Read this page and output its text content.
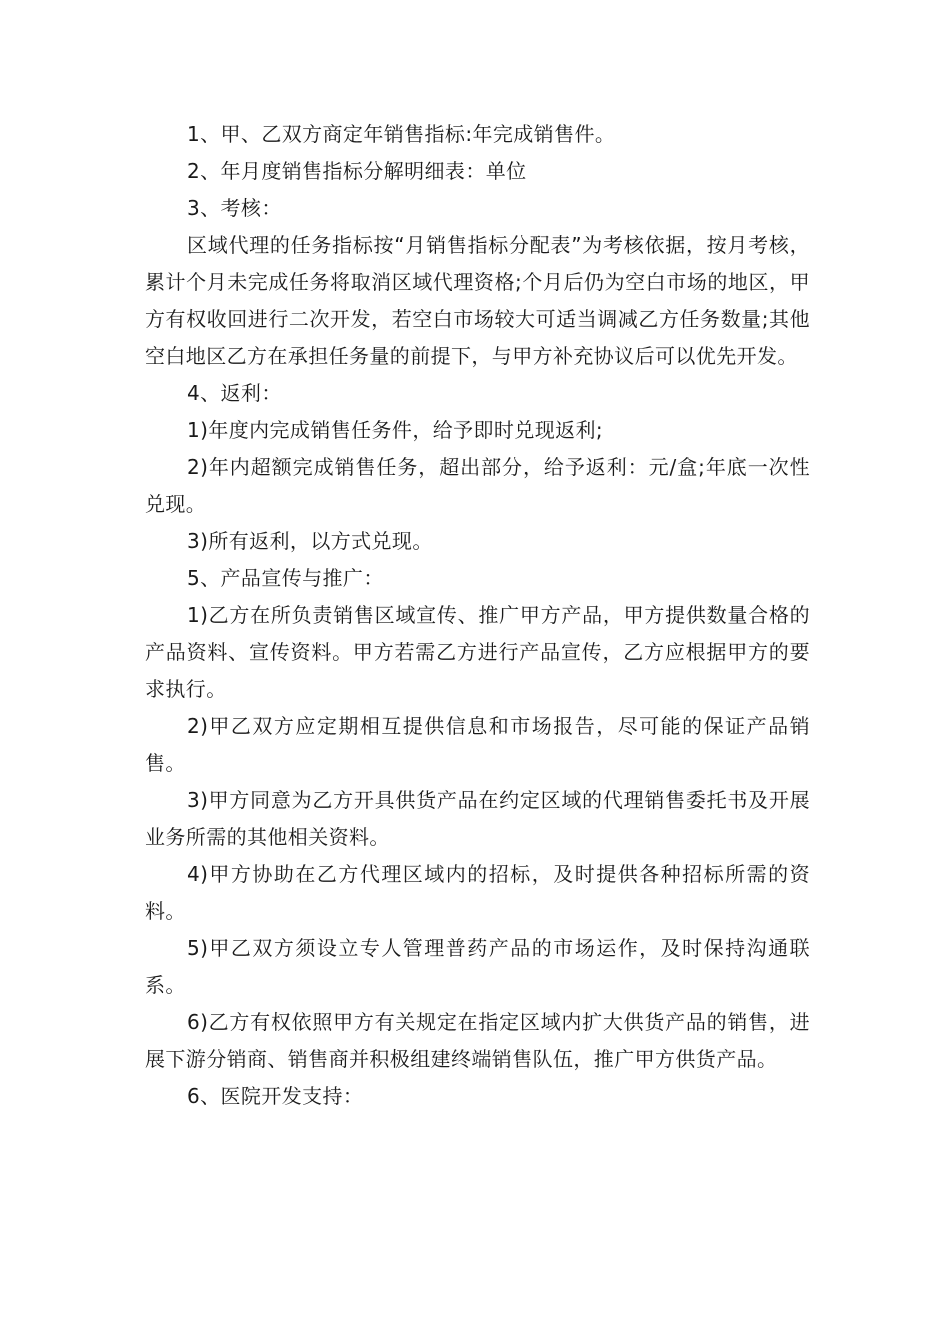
1、甲、乙双方商定年销售指标:年完成销售件。

2、年月度销售指标分解明细表：单位

3、考核：

区域代理的任务指标按“月销售指标分配表”为考核依据，按月考核，累计个月未完成任务将取消区域代理资格;个月后仍为空白市场的地区，甲方有权收回进行二次开发，若空白市场较大可适当调减乙方任务数量;其他空白地区乙方在承担任务量的前提下，与甲方补充协议后可以优先开发。

4、返利：

1)年度内完成销售任务件，给予即时兑现返利;

2)年内超额完成销售任务，超出部分，给予返利：元/盒;年底一次性兑现。

3)所有返利，以方式兑现。

5、产品宣传与推广：

1)乙方在所负责销售区域宣传、推广甲方产品，甲方提供数量合格的产品资料、宣传资料。甲方若需乙方进行产品宣传，乙方应根据甲方的要求执行。

2)甲乙双方应定期相互提供信息和市场报告，尽可能的保证产品销售。

3)甲方同意为乙方开具供货产品在约定区域的代理销售委托书及开展业务所需的其他相关资料。

4)甲方协助在乙方代理区域内的招标，及时提供各种招标所需的资料。

5)甲乙双方须设立专人管理普药产品的市场运作，及时保持沟通联系。

6)乙方有权依照甲方有关规定在指定区域内扩大供货产品的销售，进展下游分销商、销售商并积极组建终端销售队伍，推广甲方供货产品。

6、医院开发支持：
